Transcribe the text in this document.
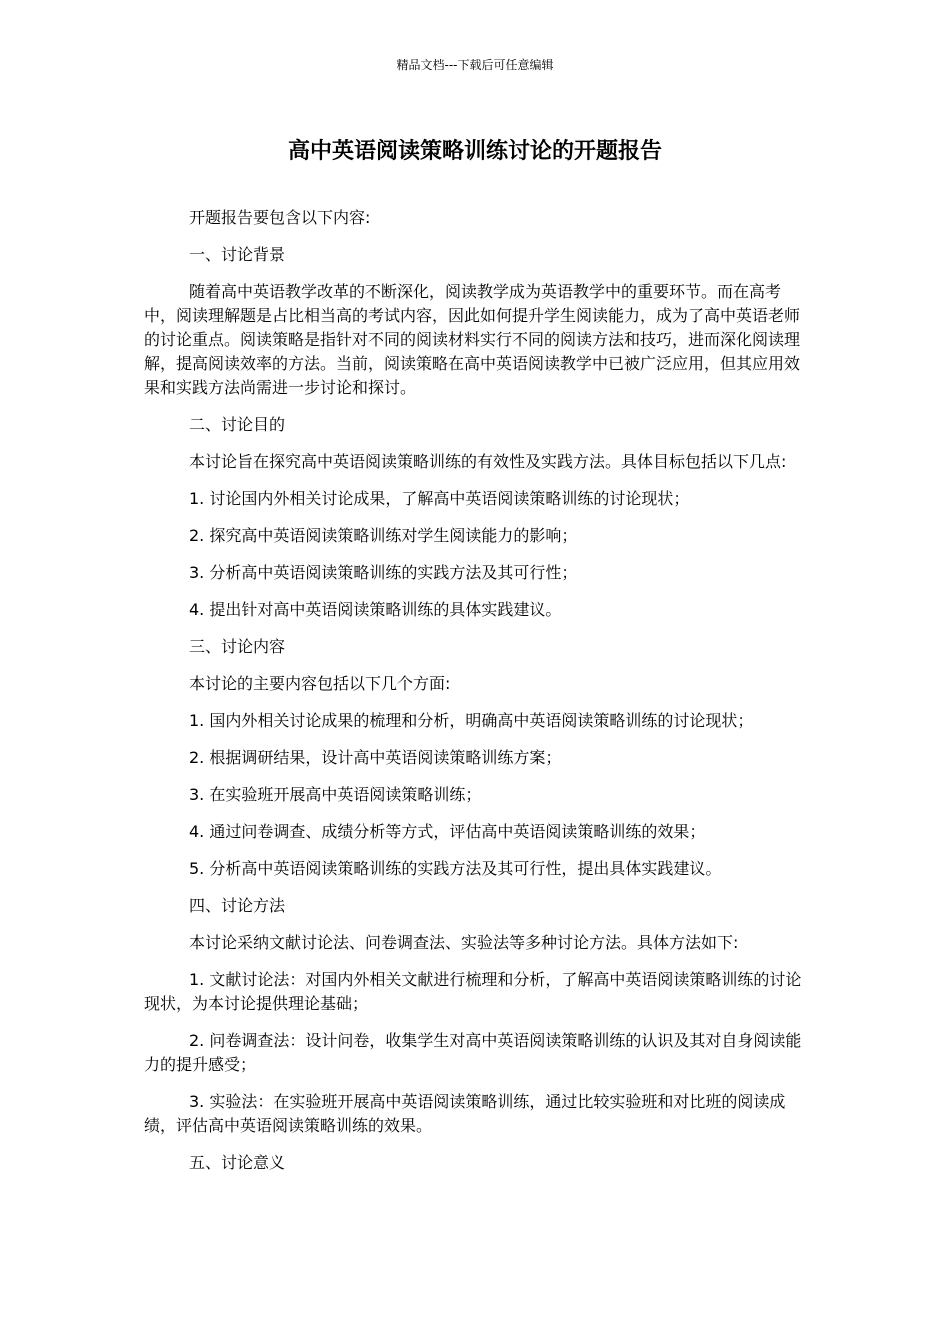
精品文档---下载后可任意编辑
高中英语阅读策略训练讨论的开题报告

开题报告要包含以下内容:

一、讨论背景

随着高中英语教学改革的不断深化，阅读教学成为英语教学中的重要环节。而在高考中，阅读理解题是占比相当高的考试内容，因此如何提升学生阅读能力，成为了高中英语老师的讨论重点。阅读策略是指针对不同的阅读材料实行不同的阅读方法和技巧，进而深化阅读理解，提高阅读效率的方法。当前，阅读策略在高中英语阅读教学中已被广泛应用，但其应用效果和实践方法尚需进一步讨论和探讨。

二、讨论目的

本讨论旨在探究高中英语阅读策略训练的有效性及实践方法。具体目标包括以下几点:

1. 讨论国内外相关讨论成果，了解高中英语阅读策略训练的讨论现状；

2. 探究高中英语阅读策略训练对学生阅读能力的影响；

3. 分析高中英语阅读策略训练的实践方法及其可行性；

4. 提出针对高中英语阅读策略训练的具体实践建议。

三、讨论内容

本讨论的主要内容包括以下几个方面:

1. 国内外相关讨论成果的梳理和分析，明确高中英语阅读策略训练的讨论现状；

2. 根据调研结果，设计高中英语阅读策略训练方案；

3. 在实验班开展高中英语阅读策略训练；

4. 通过问卷调查、成绩分析等方式，评估高中英语阅读策略训练的效果；

5. 分析高中英语阅读策略训练的实践方法及其可行性，提出具体实践建议。

四、讨论方法

本讨论采纳文献讨论法、问卷调查法、实验法等多种讨论方法。具体方法如下:

1. 文献讨论法：对国内外相关文献进行梳理和分析，了解高中英语阅读策略训练的讨论现状，为本讨论提供理论基础；

2. 问卷调查法：设计问卷，收集学生对高中英语阅读策略训练的认识及其对自身阅读能力的提升感受；

3. 实验法：在实验班开展高中英语阅读策略训练，通过比较实验班和对比班的阅读成绩，评估高中英语阅读策略训练的效果。

五、讨论意义
